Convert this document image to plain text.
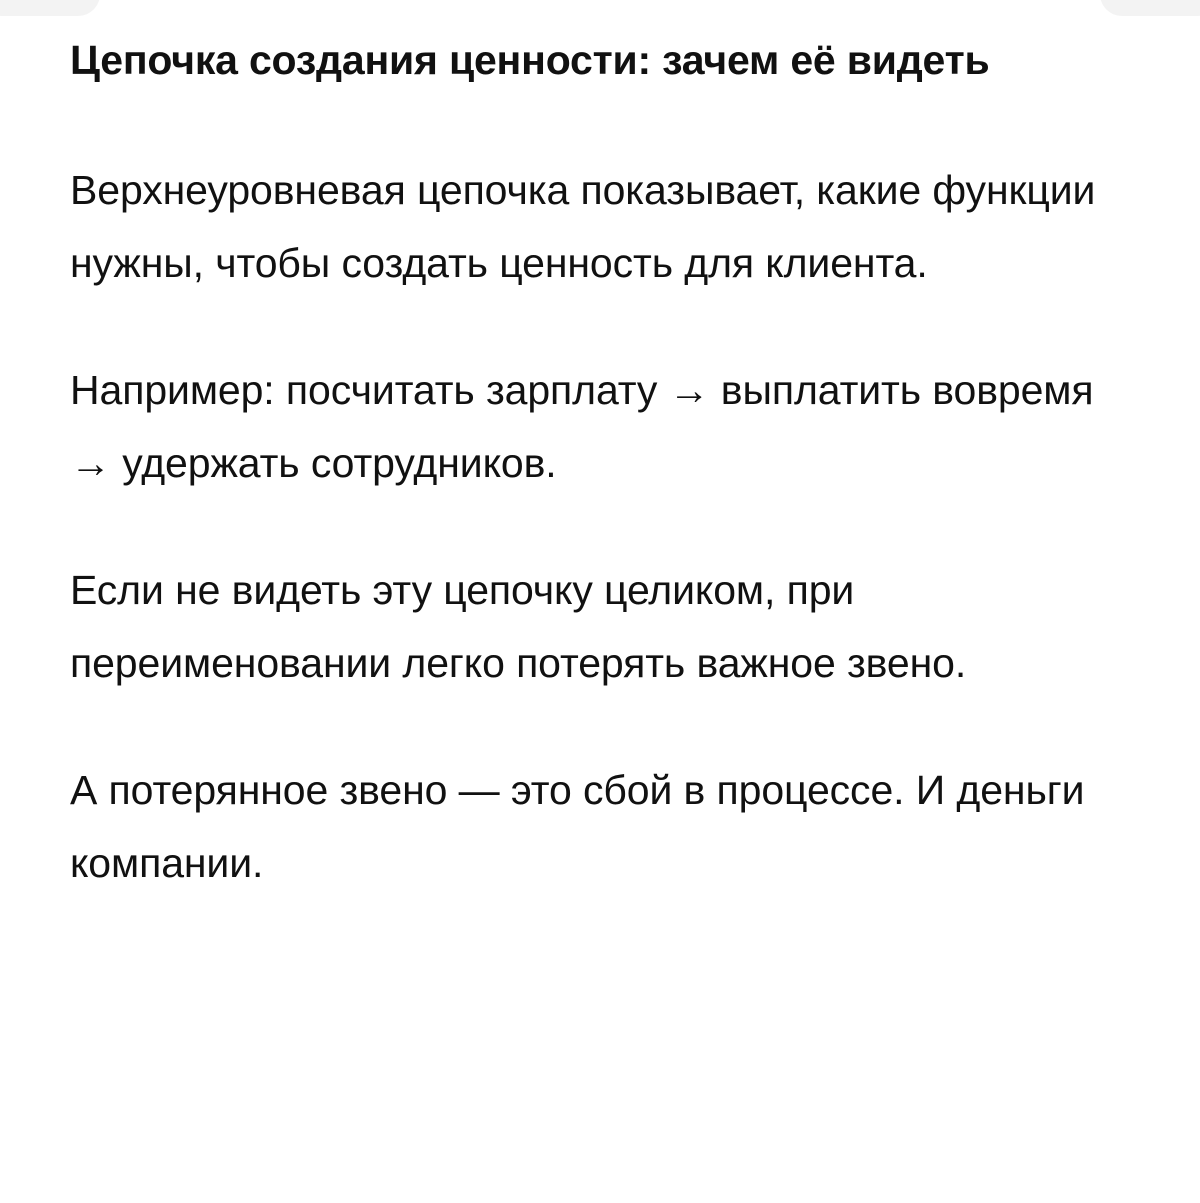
Цепочка создания ценности: зачем её видеть

Верхнеуровневая цепочка показывает, какие функции нужны, чтобы создать ценность для клиента.

Например: посчитать зарплату → выплатить вовремя → удержать сотрудников.

Если не видеть эту цепочку целиком, при переименовании легко потерять важное звено.

А потерянное звено — это сбой в процессе. И деньги компании.
